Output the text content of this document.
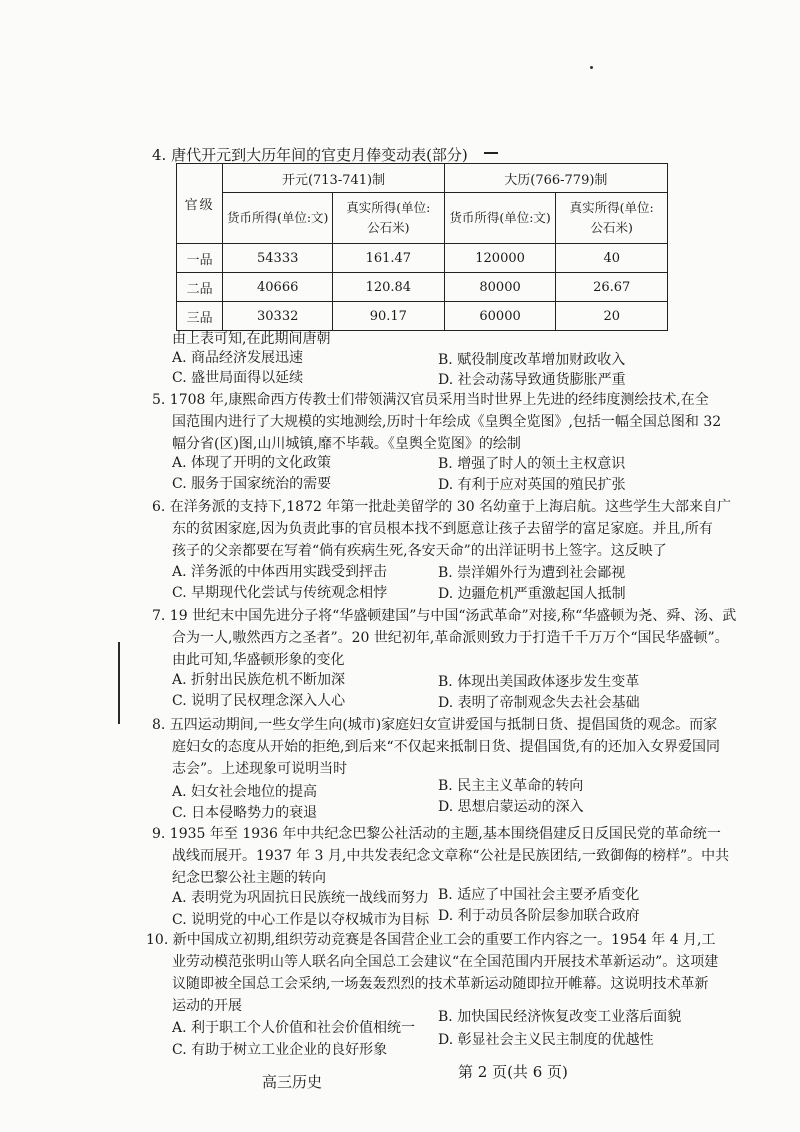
4. 唐代开元到大历年间的官吏月俸变动表(部分)
官级	开元(713-741)制		大历(766-779)制	
	货币所得(单位:文)	真实所得(单位:
公石米)	货币所得(单位:文)	真实所得(单位:
公石米)
一品	54333	161.47	120000	40
二品	40666	120.84	80000	26.67
三品	30332	90.17	60000	20
由上表可知,在此期间唐朝
A. 商品经济发展迅速	B. 赋役制度改革增加财政收入
C. 盛世局面得以延续	D. 社会动荡导致通货膨胀严重
5. 1708 年,康熙命西方传教士们带领满汉官员采用当时世界上先进的经纬度测绘技术,在全
国范围内进行了大规模的实地测绘,历时十年绘成《皇舆全览图》,包括一幅全国总图和 32
幅分省(区)图,山川城镇,靡不毕载。《皇舆全览图》的绘制
A. 体现了开明的文化政策	B. 增强了时人的领土主权意识
C. 服务于国家统治的需要	D. 有利于应对英国的殖民扩张
6. 在洋务派的支持下,1872 年第一批赴美留学的 30 名幼童于上海启航。这些学生大部来自广
东的贫困家庭,因为负责此事的官员根本找不到愿意让孩子去留学的富足家庭。并且,所有
孩子的父亲都要在写着“倘有疾病生死,各安天命”的出洋证明书上签字。这反映了
A. 洋务派的中体西用实践受到抨击	B. 崇洋媚外行为遭到社会鄙视
C. 早期现代化尝试与传统观念相悖	D. 边疆危机严重激起国人抵制
7. 19 世纪末中国先进分子将“华盛顿建国”与中国“汤武革命”对接,称“华盛顿为尧、舜、汤、武
合为一人,嗷然西方之圣者”。20 世纪初年,革命派则致力于打造千千万万个“国民华盛顿”。
由此可知,华盛顿形象的变化
A. 折射出民族危机不断加深	B. 体现出美国政体逐步发生变革
C. 说明了民权理念深入人心	D. 表明了帝制观念失去社会基础
8. 五四运动期间,一些女学生向(城市)家庭妇女宣讲爱国与抵制日货、提倡国货的观念。而家
庭妇女的态度从开始的拒绝,到后来“不仅起来抵制日货、提倡国货,有的还加入女界爱国同
志会”。上述现象可说明当时
A. 妇女社会地位的提高	B. 民主主义革命的转向
C. 日本侵略势力的衰退	D. 思想启蒙运动的深入
9. 1935 年至 1936 年中共纪念巴黎公社活动的主题,基本围绕倡建反日反国民党的革命统一
战线而展开。1937 年 3 月,中共发表纪念文章称“公社是民族团结,一致御侮的榜样”。中共
纪念巴黎公社主题的转向
A. 表明党为巩固抗日民族统一战线而努力 B. 适应了中国社会主要矛盾变化
C. 说明党的中心工作是以夺权城市为目标 D. 利于动员各阶层参加联合政府
10. 新中国成立初期,组织劳动竞赛是各国营企业工会的重要工作内容之一。1954 年 4 月,工
业劳动模范张明山等人联名向全国总工会建议“在全国范围内开展技术革新运动”。这项建
议随即被全国总工会采纳,一场轰轰烈烈的技术革新运动随即拉开帷幕。这说明技术革新
运动的开展
A. 利于职工个人价值和社会价值相统一
B. 加快国民经济恢复改变工业落后面貌
C. 有助于树立工业企业的良好形象
D. 彰显社会主义民主制度的优越性
高三历史
第 2 页(共 6 页)
